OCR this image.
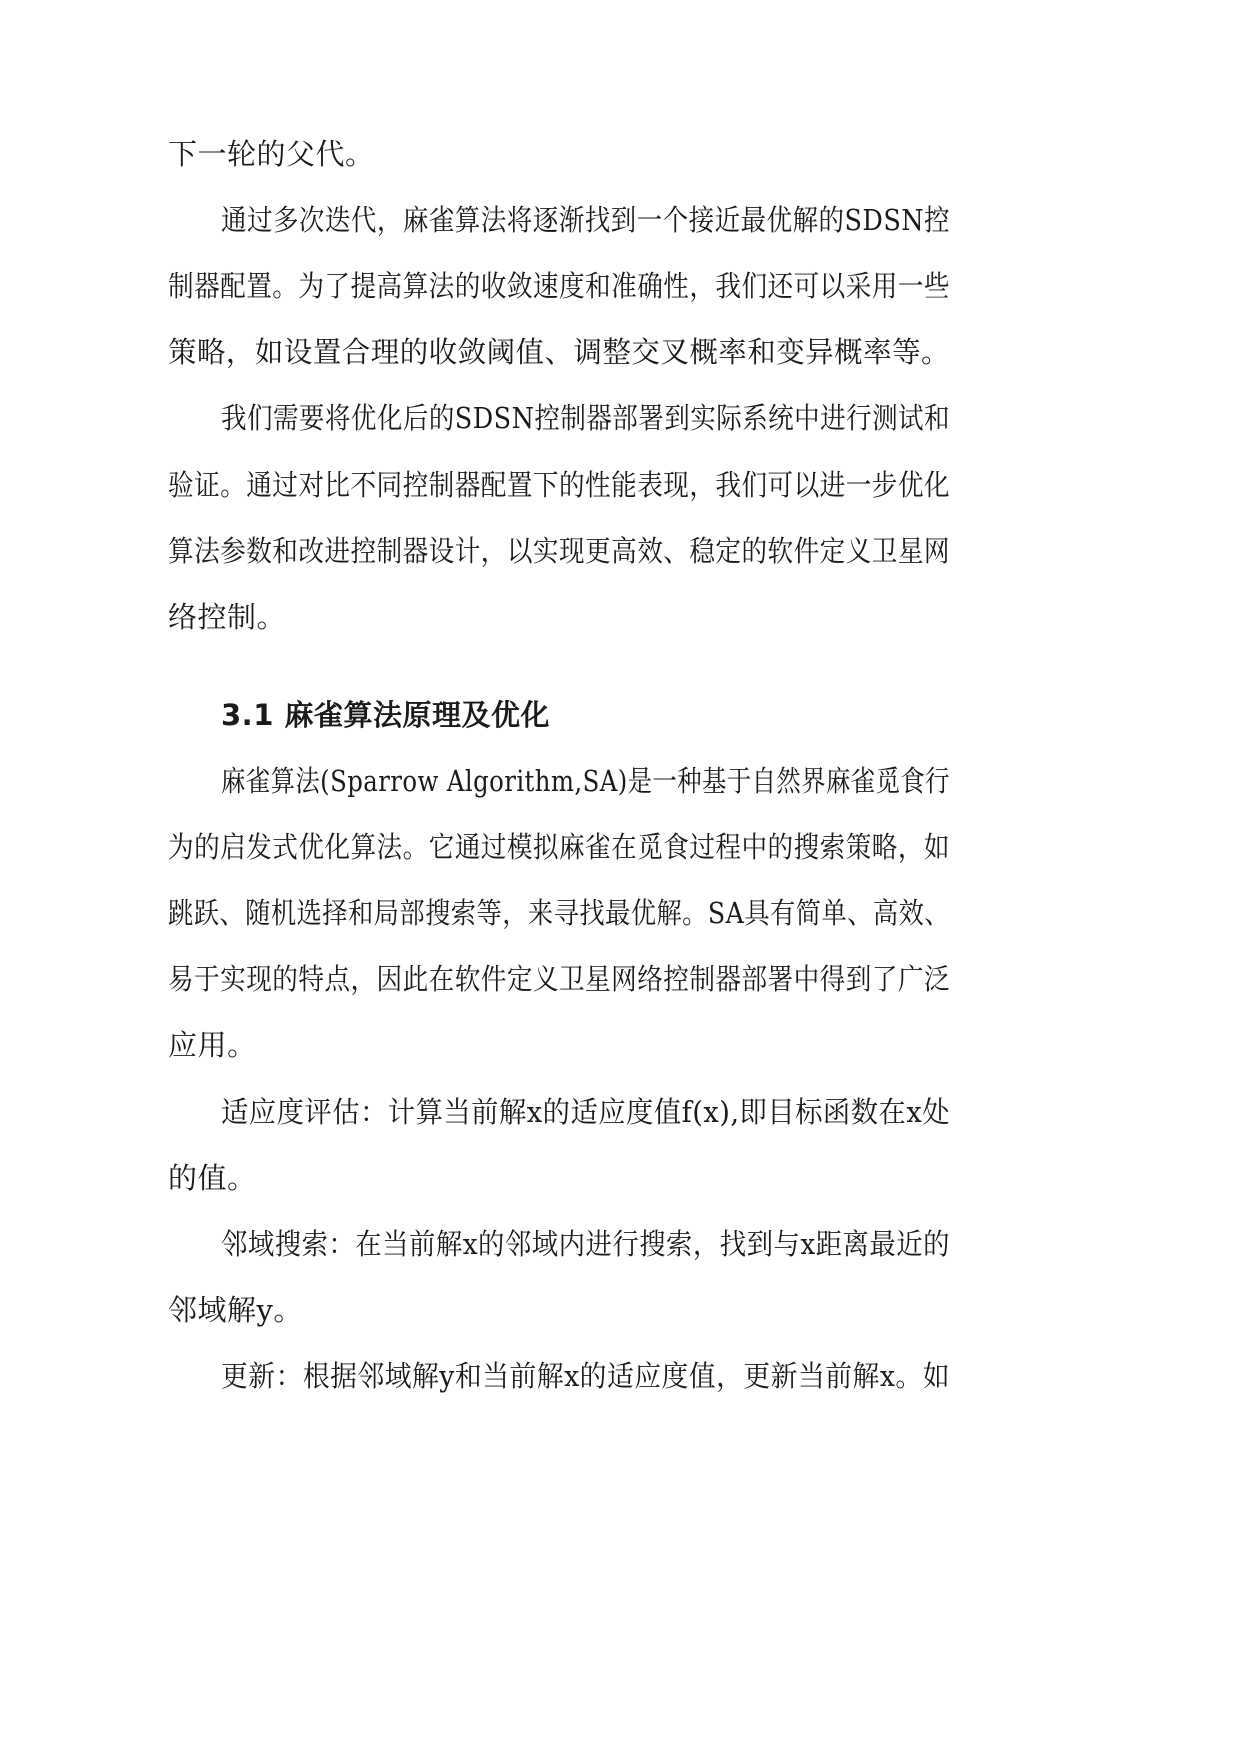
下一轮的父代。
通过多次迭代，麻雀算法将逐渐找到一个接近最优解的SDSN控
制器配置。为了提高算法的收敛速度和准确性，我们还可以采用一些
策略，如设置合理的收敛阈值、调整交叉概率和变异概率等。
我们需要将优化后的SDSN控制器部署到实际系统中进行测试和
验证。通过对比不同控制器配置下的性能表现，我们可以进一步优化
算法参数和改进控制器设计，以实现更高效、稳定的软件定义卫星网
络控制。
3.1 麻雀算法原理及优化
麻雀算法(Sparrow Algorithm,SA)是一种基于自然界麻雀觅食行
为的启发式优化算法。它通过模拟麻雀在觅食过程中的搜索策略，如
跳跃、随机选择和局部搜索等，来寻找最优解。SA具有简单、高效、
易于实现的特点，因此在软件定义卫星网络控制器部署中得到了广泛
应用。
适应度评估：计算当前解x的适应度值f(x),即目标函数在x处
的值。
邻域搜索：在当前解x的邻域内进行搜索，找到与x距离最近的
邻域解y。
更新：根据邻域解y和当前解x的适应度值，更新当前解x。如
